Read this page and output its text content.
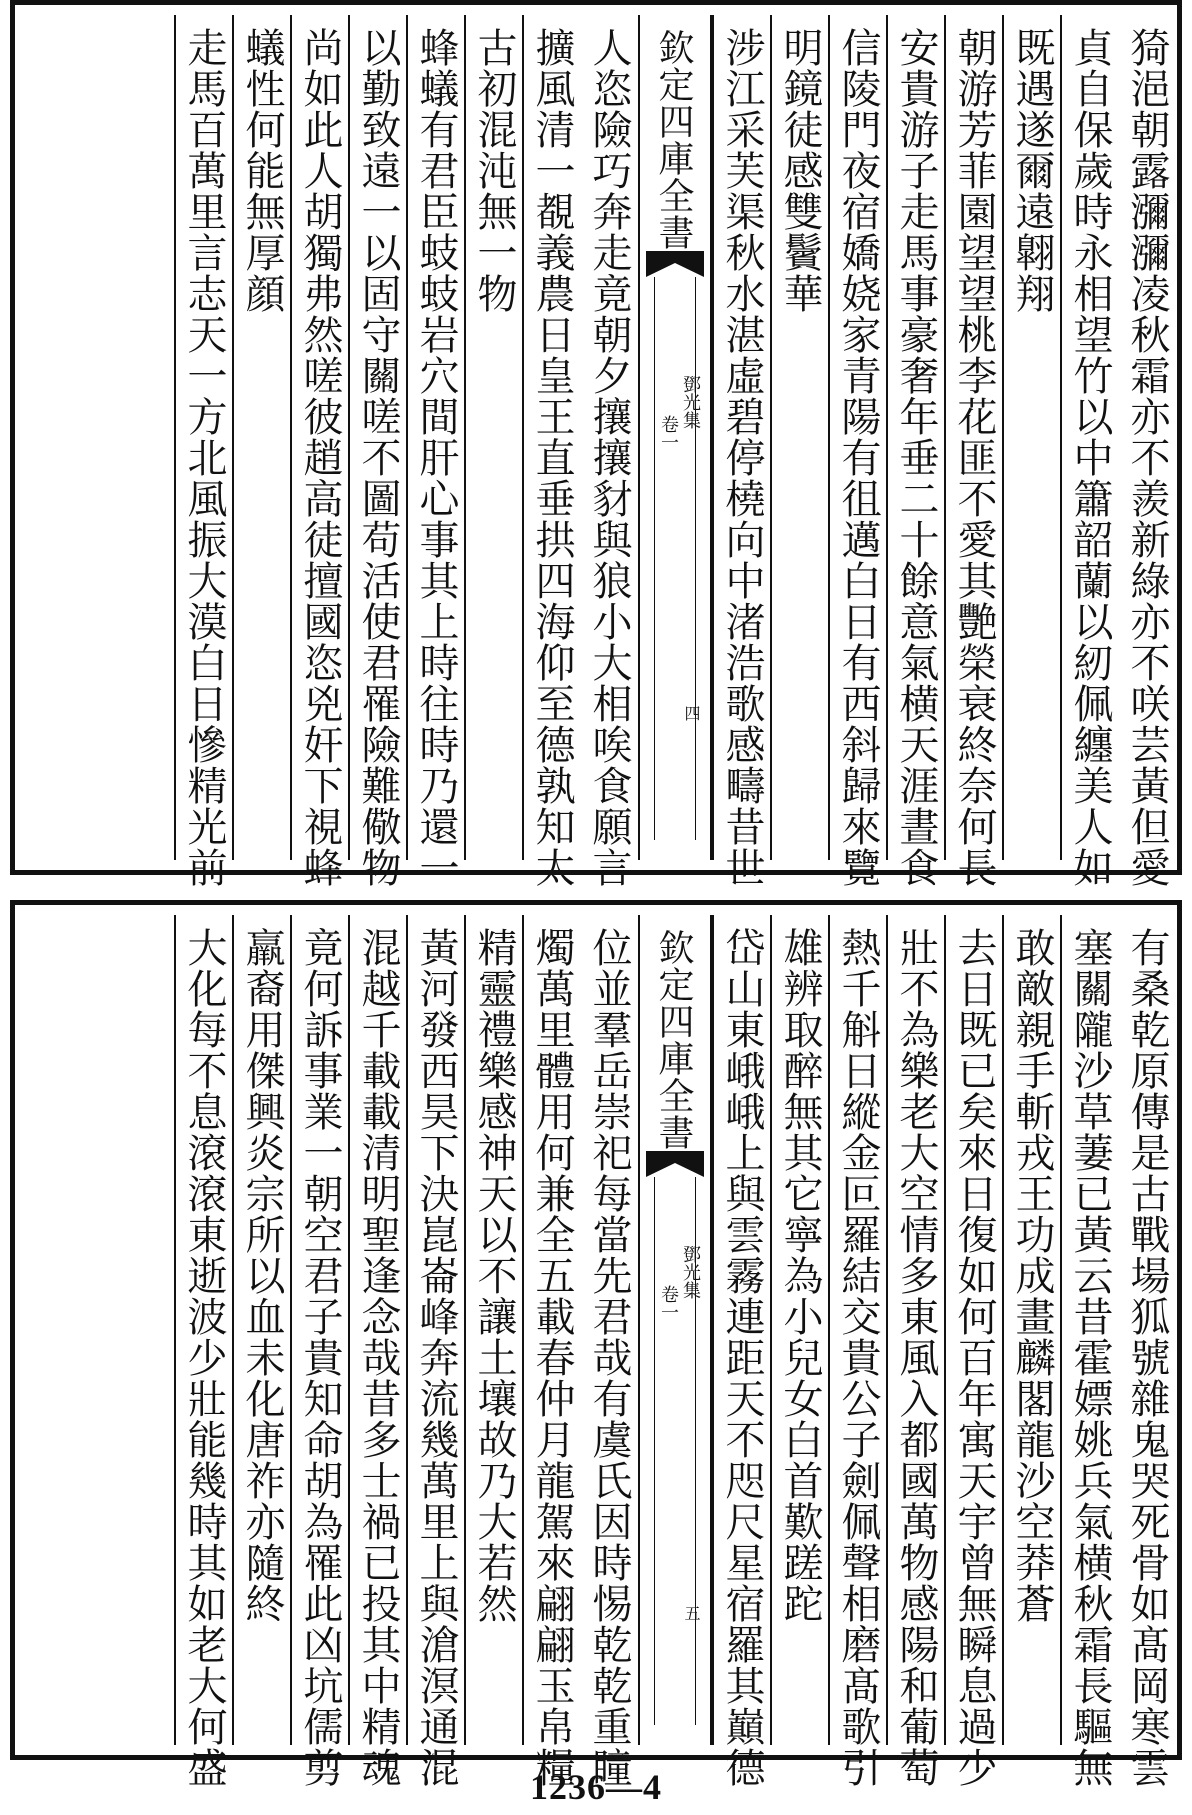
猗浥朝露瀰瀰凌秋霜亦不羨新綠亦不咲芸黃但愛
貞自保歲時永相望竹以中簫韶蘭以紉佩纏美人如
既遇遂爾遠翺翔
朝游芳菲園望望桃李花匪不愛其艷榮衰終奈何長
安貴游子走馬事豪奢年垂二十餘意氣横天涯晝食
信陵門夜宿嬌娆家青陽有徂邁白日有西斜歸來覽
明鏡徒感雙鬢華
涉江采芙渠秋水湛虛碧停橈向中渚浩歌感疇昔世
欽定四庫全書
鄧光集
卷一
四
人恣險巧奔走竟朝夕攘攘豺與狼小大相唉食願言
擴風清一覩義農日皇王直垂拱四海仰至德孰知太
古初混沌無一物
蜂蟻有君臣蚑蚑岩穴間肝心事其上時往時乃還一
以勤致遠一以固守關嗟不圖苟活使君罹險難儆物
尚如此人胡獨弗然嗟彼趙高徒擅國恣兇奸下視蜂
蟻性何能無厚顔
走馬百萬里言志天一方北風振大漠白日慘精光前
有桑乾原傳是古戰場狐號雜鬼哭死骨如髙岡寒雲
塞關隴沙草萋已黃云昔霍嫖姚兵氣横秋霜長驅無
敢敵親手斬戎王功成畫麟閣龍沙空莽蒼
去日既已矣來日復如何百年寓天宇曾無瞬息過少
壯不為樂老大空情多東風入都國萬物感陽和葡萄
熱千斛日縱金叵羅結交貴公子劍佩聲相磨髙歌引
雄辨取醉無其它寧為小兒女白首歎蹉跎
岱山東峨峨上與雲霧連距天不咫尺星宿羅其巔德
欽定四庫全書
鄧光集
卷一
五
位並羣岳崇祀每當先君哉有虞氏因時惕乾乾重瞳
燭萬里體用何兼全五載春仲月龍駕來翩翩玉帛糧
精靈禮樂感神天以不讓土壤故乃大若然
黃河發西昊下決崑崙峰奔流幾萬里上與滄溟通混
混越千載載清明聖逢念哉昔多士禍已投其中精魂
竟何訴事業一朝空君子貴知命胡為罹此凶坑儒剪
羸裔用傑興炎宗所以血未化唐祚亦隨終
大化每不息滾滾東逝波少壯能幾時其如老大何盛	1236—4
